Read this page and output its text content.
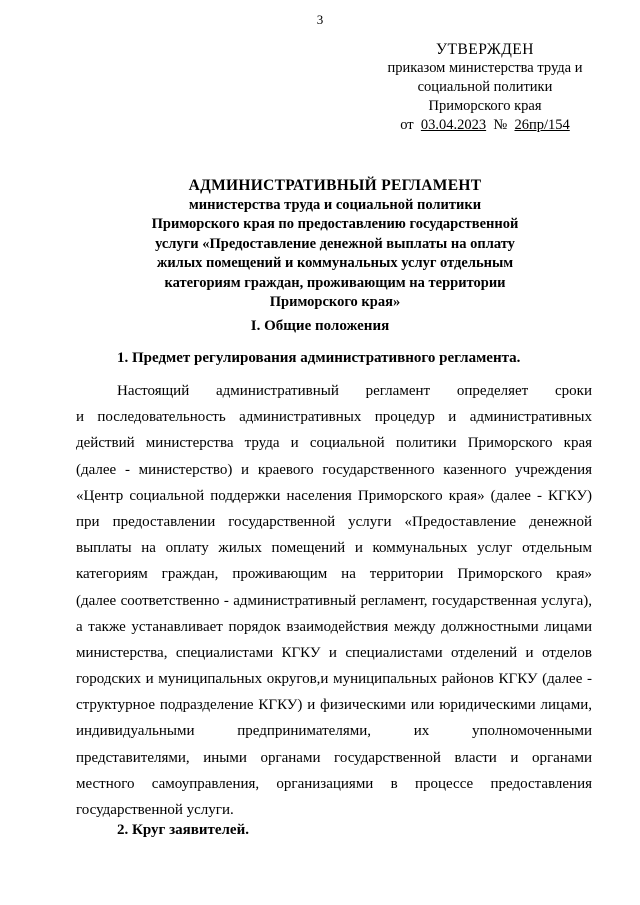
3
УТВЕРЖДЕН
приказом министерства труда и
социальной политики
Приморского края
от 03.04.2023 № 26пр/154
АДМИНИСТРАТИВНЫЙ РЕГЛАМЕНТ
министерства труда и социальной политики
Приморского края по предоставлению государственной
услуги «Предоставление денежной выплаты на оплату
жилых помещений и коммунальных услуг отдельным
категориям граждан, проживающим на территории
Приморского края»
I. Общие положения
1. Предмет регулирования административного регламента.
Настоящий административный регламент определяет сроки
и последовательность административных процедур и административных
действий министерства труда и социальной политики Приморского края
(далее - министерство) и краевого государственного казенного учреждения
«Центр социальной поддержки населения Приморского края» (далее - КГКУ)
при предоставлении государственной услуги «Предоставление денежной
выплаты на оплату жилых помещений и коммунальных услуг отдельным
категориям граждан, проживающим на территории Приморского края»
(далее соответственно - административный регламент, государственная услуга),
а также устанавливает порядок взаимодействия между должностными лицами
министерства, специалистами КГКУ и специалистами отделений и отделов
городских и муниципальных округов,и муниципальных районов КГКУ (далее -
структурное подразделение КГКУ) и физическими или юридическими лицами,
индивидуальными предпринимателями, их уполномоченными
представителями, иными органами государственной власти и органами
местного самоуправления, организациями в процессе предоставления
государственной услуги.
2. Круг заявителей.
